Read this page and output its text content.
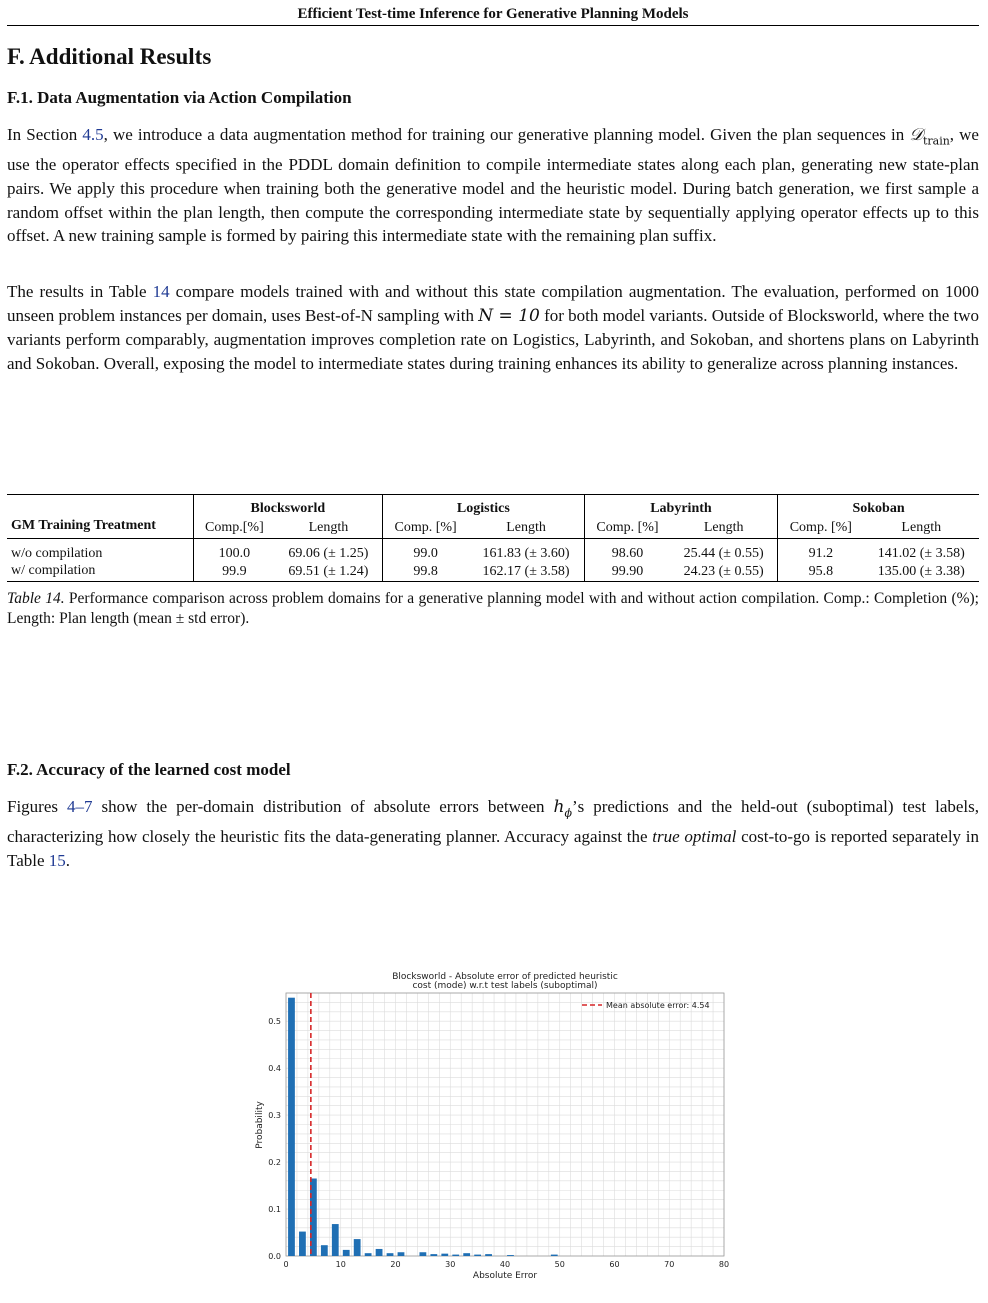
Efficient Test-time Inference for Generative Planning Models
F. Additional Results
F.1. Data Augmentation via Action Compilation

In Section 4.5, we introduce a data augmentation method for training our generative planning model. Given the plan sequences in 𝒟$_{train}$, we use the operator effects specified in the PDDL domain definition to compile intermediate states along each plan, generating new state-plan pairs. We apply this procedure when training both the generative model and the heuristic model. During batch generation, we first sample a random offset within the plan length, then compute the corresponding intermediate state by sequentially applying operator effects up to this offset. A new training sample is formed by pairing this intermediate state with the remaining plan suffix.

The results in Table 14 compare models trained with and without this state compilation augmentation. The evaluation, performed on 1000 unseen problem instances per domain, uses Best-of-N sampling with N = 10 for both model variants. Outside of Blocksworld, where the two variants perform comparably, augmentation improves completion rate on Logistics, Labyrinth, and Sokoban, and shortens plans on Labyrinth and Sokoban. Overall, exposing the model to intermediate states during training enhances its ability to generalize across planning instances.

	Blocksworld		Logistics		Labyrinth		Sokoban	
GM Training Treatment	Comp.[%]	Length	Comp. [%]	Length	Comp. [%]	Length	Comp. [%]	Length
w/o compilation	100.0	69.06 (± 1.25)	99.0	161.83 (± 3.60)	98.60	25.44 (± 0.55)	91.2	141.02 (± 3.58)
w/ compilation	99.9	69.51 (± 1.24)	99.8	162.17 (± 3.58)	99.90	24.23 (± 0.55)	95.8	135.00 (± 3.38)
Table 14. Performance comparison across problem domains for a generative planning model with and without action compilation. Comp.: Completion (%); Length: Plan length (mean ± std error).
F.2. Accuracy of the learned cost model

Figures 4–7 show the per-domain distribution of absolute errors between $h_\phi’s$ predictions and the held-out (suboptimal) test labels, characterizing how closely the heuristic fits the data-generating planner. Accuracy against the true optimal cost-to-go is reported separately in Table 15.

Blocksworld - Absolute error of predicted heuristic
cost (mode) w.r.t test labels (suboptimal)
0.0
0.1
0.2
0.3
0.4
0.5
0	10	20	30	40	50	60	70	80
Probability
Absolute Error
Mean absolute error: 4.54
